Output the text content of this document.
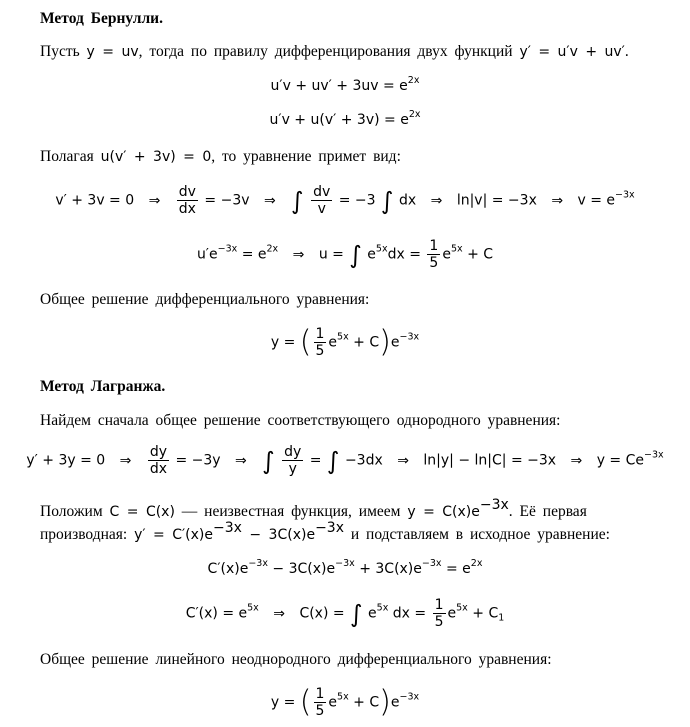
Метод Бернулли.
Пусть y = uv, тогда по правилу дифференцирования двух функций y′ = u′v + uv′.
$u'v + uv' + 3uv = e^{2x}$
$u'v + u(v' + 3v) = e^{2x}$
Полагая u(v′ + 3v) = 0, то уравнение примет вид:
v′ + 3v = 0 ⇒ $\frac{dv}{dx} = -3v$ ⇒ ∫ $\frac{dv}{v} = -3$ ∫ dx ⇒ ln|v| = −3x ⇒ $v = e^{-3x}$
$u'e^{-3x} = e^{2x}$ ⇒ u = ∫ $e^{5x}dx = \frac{1}{5} e^{5x} + C$
Общее решение дифференциального уравнения:
y = ( $\frac{1}{5} e^{5x} + C)e^{-3x}$
Метод Лагранжа.
Найдем сначала общее решение соответствующего однородного уравнения:
y′ + 3y = 0 ⇒ $\frac{dy}{dx} = -3y$ ⇒ ∫ $\frac{dy}{y}$ = ∫ −3dx ⇒ ln|y| − ln|C| = −3x ⇒ $y = Ce^{-3x}$
Положим C = C(x) — неизвестная функция, имеем $y = C(x)e^{-3x}$. Её первая
производная: $y' = C'(x)e^{-3x} - 3C(x)e^{-3x}$ и подставляем в исходное уравнение:
$C'(x)e^{-3x} - 3C(x)e^{-3x} + 3C(x)e^{-3x} = e^{2x}$
$C'(x) = e^{5x}$ ⇒ C(x) = ∫ $e^{5x}$ dx = $\frac{1}{5} e^{5x} + C_1$
Общее решение линейного неоднородного дифференциального уравнения:
y = ( $\frac{1}{5} e^{5x} + C)e^{-3x}$
